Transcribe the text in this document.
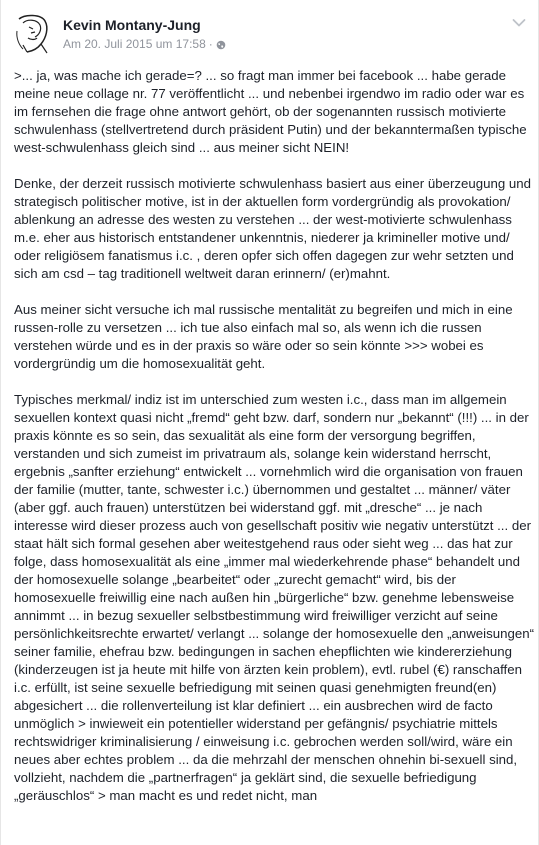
Kevin Montany-Jung
Am 20. Juli 2015 um 17:58 ·

>... ja, was mache ich gerade=? ... so fragt man immer bei facebook ... habe gerade meine neue collage nr. 77 veröffentlicht ... und nebenbei irgendwo im radio oder war es im fernsehen die frage ohne antwort gehört, ob der sogenannten russisch motivierte schwulenhass (stellvertretend durch präsident Putin) und der bekanntermaßen typische west-schwulenhass gleich sind ... aus meiner sicht NEIN!

Denke, der derzeit russisch motivierte schwulenhass basiert aus einer überzeugung und strategisch politischer motive, ist in der aktuellen form vordergründig als provokation/ ablenkung an adresse des westen zu verstehen ... der west-motivierte schwulenhass m.e. eher aus historisch entstandener unkenntnis, niederer ja krimineller motive und/ oder religiösem fanatismus i.c. , deren opfer sich offen dagegen zur wehr setzten und sich am csd – tag traditionell weltweit daran erinnern/ (er)mahnt.

Aus meiner sicht versuche ich mal russische mentalität zu begreifen und mich in eine russen-rolle zu versetzen ... ich tue also einfach mal so, als wenn ich die russen verstehen würde und es in der praxis so wäre oder so sein könnte >>> wobei es vordergründig um die homosexualität geht.

Typisches merkmal/ indiz ist im unterschied zum westen i.c., dass man im allgemein sexuellen kontext quasi nicht „fremd“ geht bzw. darf, sondern nur „bekannt“ (!!!) ... in der praxis könnte es so sein, das sexualität als eine form der versorgung begriffen, verstanden und sich zumeist im privatraum als, solange kein widerstand herrscht, ergebnis „sanfter erziehung“ entwickelt ... vornehmlich wird die organisation von frauen der familie (mutter, tante, schwester i.c.) übernommen und gestaltet ... männer/ väter (aber ggf. auch frauen) unterstützen bei widerstand ggf. mit „dresche“ ... je nach interesse wird dieser prozess auch von gesellschaft positiv wie negativ unterstützt ... der staat hält sich formal gesehen aber weitestgehend raus oder sieht weg ... das hat zur folge, dass homosexualität als eine „immer mal wiederkehrende phase“ behandelt und der homosexuelle solange „bearbeitet“ oder „zurecht gemacht“ wird, bis der homosexuelle freiwillig eine nach außen hin „bürgerliche“ bzw. genehme lebensweise annimmt ... in bezug sexueller selbstbestimmung wird freiwilliger verzicht auf seine persönlichkeitsrechte erwartet/ verlangt ... solange der homosexuelle den „anweisungen“ seiner familie, ehefrau bzw. bedingungen in sachen ehepflichten wie kindererziehung (kinderzeugen ist ja heute mit hilfe von ärzten kein problem), evtl. rubel (€) ranschaffen i.c. erfüllt, ist seine sexuelle befriedigung mit seinen quasi genehmigten freund(en) abgesichert ... die rollenverteilung ist klar definiert ... ein ausbrechen wird de facto unmöglich > inwieweit ein potentieller widerstand per gefängnis/ psychiatrie mittels rechtswidriger kriminalisierung / einweisung i.c. gebrochen werden soll/wird, wäre ein neues aber echtes problem ... da die mehrzahl der menschen ohnehin bi-sexuell sind, vollzieht, nachdem die „partnerfragen“ ja geklärt sind, die sexuelle befriedigung „geräuschlos“ > man macht es und redet nicht, man
